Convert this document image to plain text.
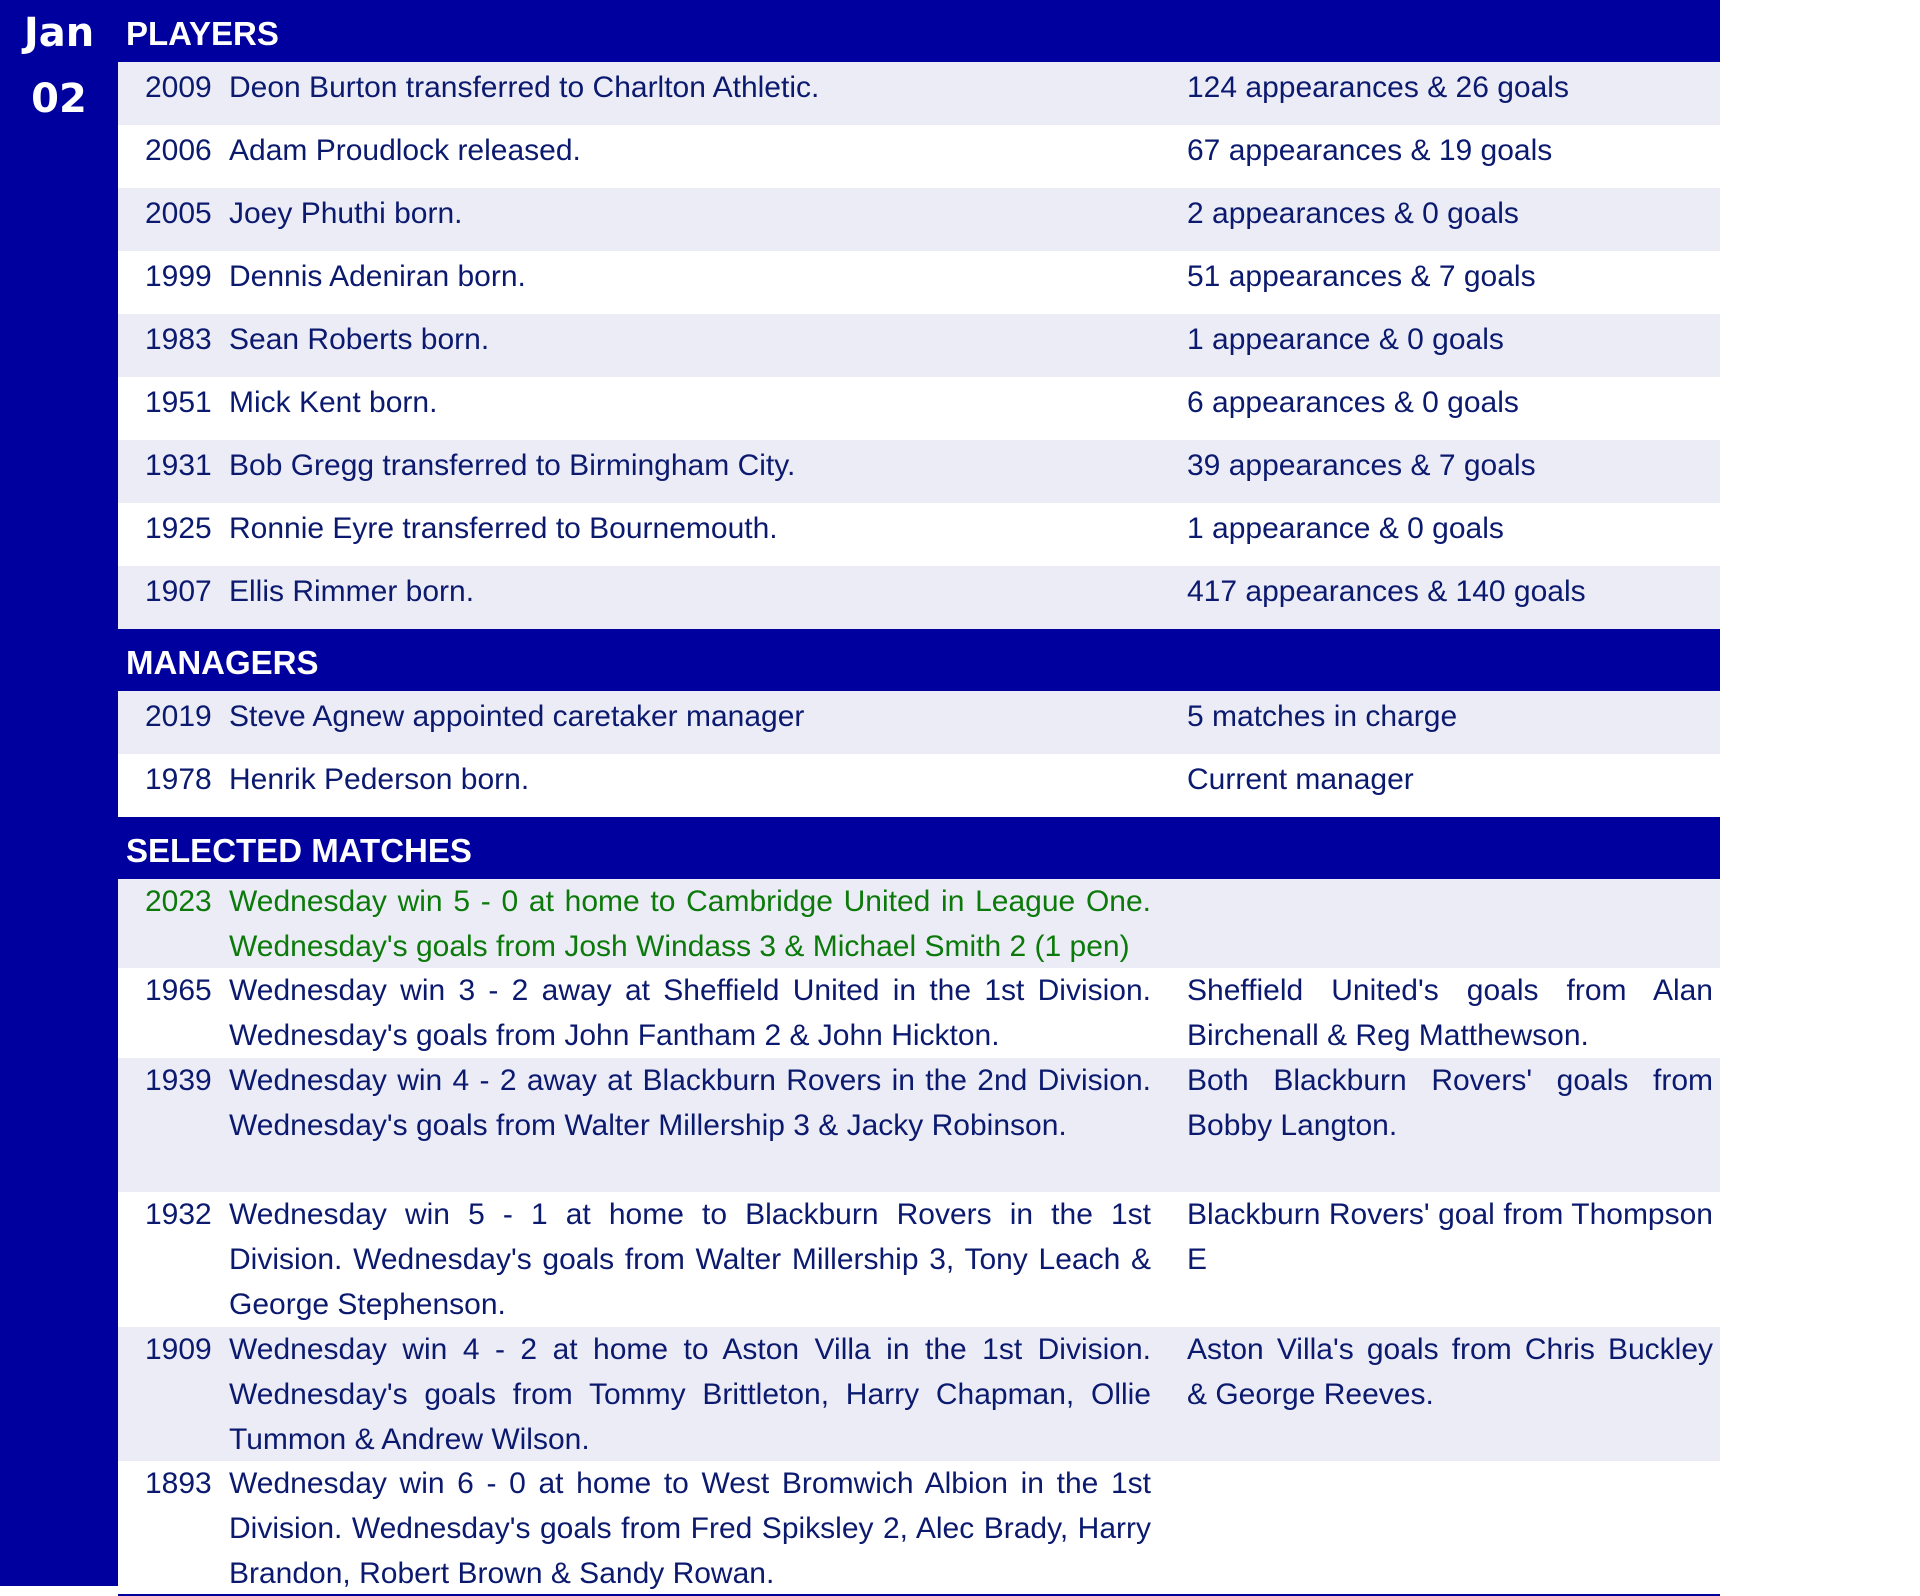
Jan
02
PLAYERS
2009 Deon Burton transferred to Charlton Athletic.	124 appearances & 26 goals
2006 Adam Proudlock released.	67 appearances & 19 goals
2005 Joey Phuthi born.	2 appearances & 0 goals
1999 Dennis Adeniran born.	51 appearances & 7 goals
1983 Sean Roberts born.	1 appearance & 0 goals
1951 Mick Kent born.	6 appearances & 0 goals
1931 Bob Gregg transferred to Birmingham City.	39 appearances & 7 goals
1925 Ronnie Eyre transferred to Bournemouth.	1 appearance & 0 goals
1907 Ellis Rimmer born.	417 appearances & 140 goals
MANAGERS
2019 Steve Agnew appointed caretaker manager	5 matches in charge
1978 Henrik Pederson born.	Current manager
SELECTED MATCHES
2023 Wednesday win 5 - 0 at home to Cambridge United in League One. Wednesday's goals from Josh Windass 3 & Michael Smith 2 (1 pen)
1965 Wednesday win 3 - 2 away at Sheffield United in the 1st Division. Wednesday's goals from John Fantham 2 & John Hickton.
Sheffield United's goals from Alan Birchenall & Reg Matthewson.
1939 Wednesday win 4 - 2 away at Blackburn Rovers in the 2nd Division. Wednesday's goals from Walter Millership 3 & Jacky Robinson.
Both Blackburn Rovers' goals from Bobby Langton.
1932 Wednesday win 5 - 1 at home to Blackburn Rovers in the 1st Division. Wednesday's goals from Walter Millership 3, Tony Leach & George Stephenson.
Blackburn Rovers' goal from Thompson E
1909 Wednesday win 4 - 2 at home to Aston Villa in the 1st Division. Wednesday's goals from Tommy Brittleton, Harry Chapman, Ollie Tummon & Andrew Wilson.
Aston Villa's goals from Chris Buckley & George Reeves.
1893 Wednesday win 6 - 0 at home to West Bromwich Albion in the 1st Division. Wednesday's goals from Fred Spiksley 2, Alec Brady, Harry Brandon, Robert Brown & Sandy Rowan.
